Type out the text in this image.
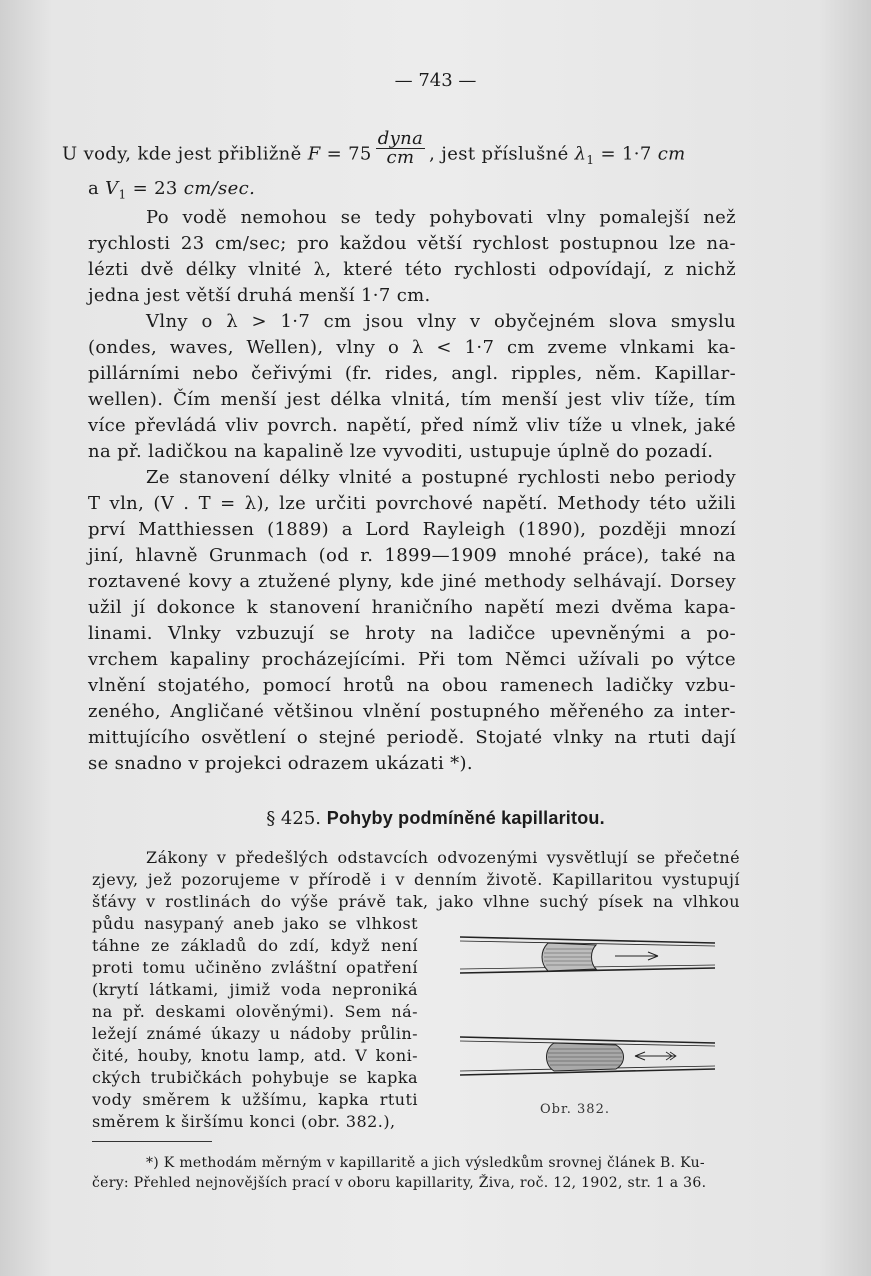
— 743 —
U vody, kde jest přibližně $F = 75 \frac{\text{dyna}}{cm}$ , jest příslušné $\lambda_1 = 1\cdot 7$ cm
a $V_1 = 23$ cm/sec.
Po vodě nemohou se tedy pohybovati vlny pomalejší než
rychlosti 23 cm/sec; pro každou větší rychlost postupnou lze na-
lézti dvě délky vlnité λ, které této rychlosti odpovídají, z nichž
jedna jest větší druhá menší 1·7 cm.
Vlny o λ > 1·7 cm jsou vlny v obyčejném slova smyslu
(ondes, waves, Wellen), vlny o λ < 1·7 cm zveme vlnkami ka-
pillárními nebo čeřivými (fr. rides, angl. ripples, něm. Kapillar-
wellen). Čím menší jest délka vlnitá, tím menší jest vliv tíže, tím
více převládá vliv povrch. napětí, před nímž vliv tíže u vlnek, jaké
na př. ladičkou na kapalině lze vyvoditi, ustupuje úplně do pozadí.
Ze stanovení délky vlnité a postupné rychlosti nebo periody
T vln, (V . T = λ), lze určiti povrchové napětí. Methody této užili
prví Matthiessen (1889) a Lord Rayleigh (1890), později mnozí
jiní, hlavně Grunmach (od r. 1899—1909 mnohé práce), také na
roztavené kovy a ztužené plyny, kde jiné methody selhávají. Dorsey
užil jí dokonce k stanovení hraničního napětí mezi dvěma kapa-
linami. Vlnky vzbuzují se hroty na ladičce upevněnými a po-
vrchem kapaliny procházejícími. Při tom Němci užívali po výtce
vlnění stojatého, pomocí hrotů na obou ramenech ladičky vzbu-
zeného, Angličané většinou vlnění postupného měřeného za inter-
mittujícího osvětlení o stejné periodě. Stojaté vlnky na rtuti dají
se snadno v projekci odrazem ukázati *).
§ 425. Pohyby podmíněné kapillaritou.
Zákony v předešlých odstavcích odvozenými vysvětlují se přečetné
zjevy, jež pozorujeme v přírodě i v denním životě. Kapillaritou vystupují
šťávy v rostlinách do výše právě tak, jako vlhne suchý písek na vlhkou
půdu nasypaný aneb jako se vlhkost
táhne ze základů do zdí, když není
proti tomu učiněno zvláštní opatření
(krytí látkami, jimiž voda neproniká
na př. deskami olověnými). Sem ná-
ležejí známé úkazy u nádoby průlin-
čité, houby, knotu lamp, atd. V koni-
ckých trubičkách pohybuje se kapka
vody směrem k užšímu, kapka rtuti
směrem k širšímu konci (obr. 382.),
Obr. 382.
*) K methodám měrným v kapillaritě a jich výsledkům srovnej článek B. Ku-
čery: Přehled nejnovějších prací v oboru kapillarity, Živa, roč. 12, 1902, str. 1 a 36.
